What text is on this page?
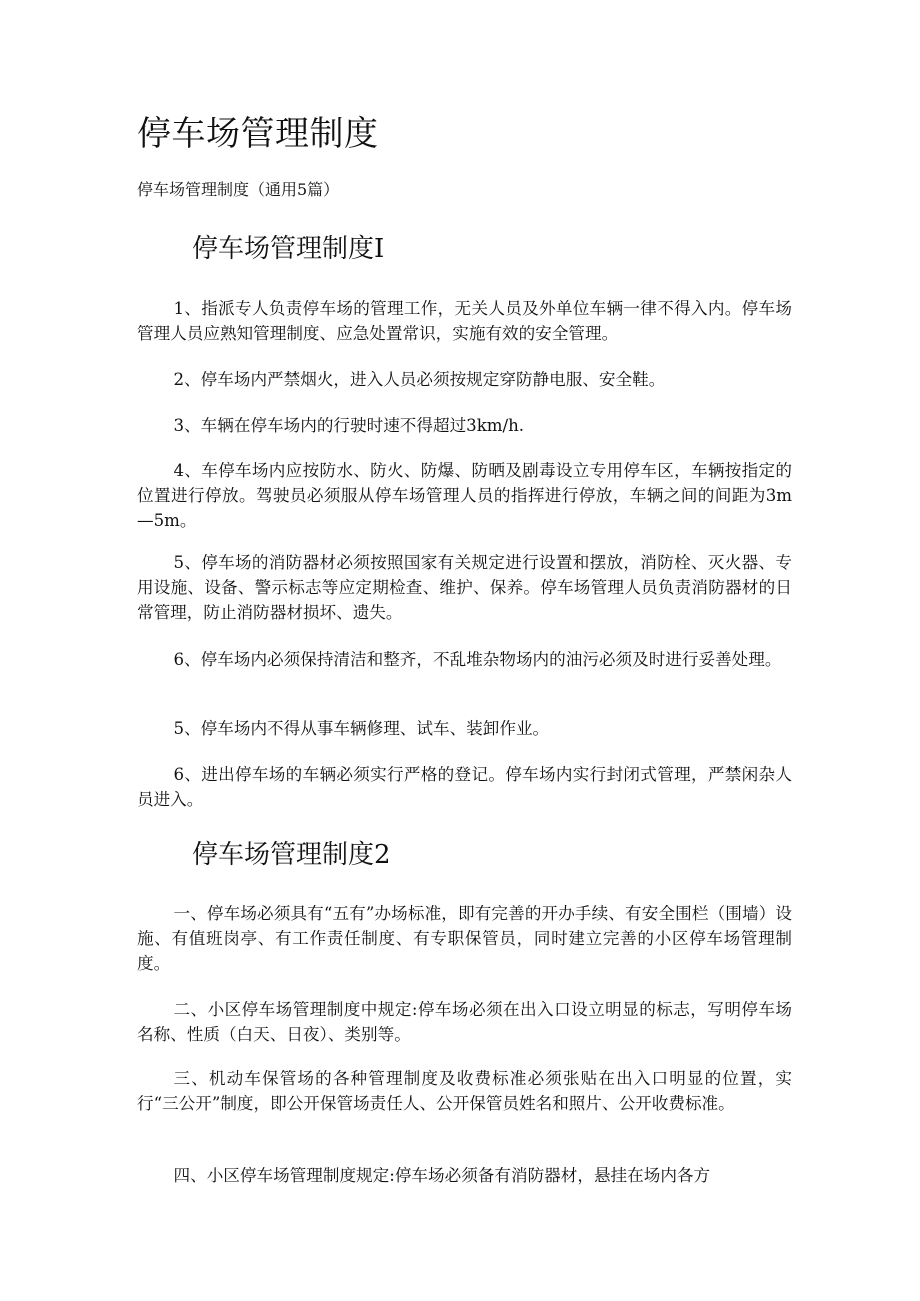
停车场管理制度

停车场管理制度（通用5篇）

停车场管理制度I

1、指派专人负责停车场的管理工作，无关人员及外单位车辆一律不得入内。停车场管理人员应熟知管理制度、应急处置常识，实施有效的安全管理。

2、停车场内严禁烟火，进入人员必须按规定穿防静电服、安全鞋。

3、车辆在停车场内的行驶时速不得超过3km∕h.

4、车停车场内应按防水、防火、防爆、防晒及剧毒设立专用停车区，车辆按指定的位置进行停放。驾驶员必须服从停车场管理人员的指挥进行停放，车辆之间的间距为3m—5m。

5、停车场的消防器材必须按照国家有关规定进行设置和摆放，消防栓、灭火器、专用设施、设备、警示标志等应定期检查、维护、保养。停车场管理人员负责消防器材的日常管理，防止消防器材损坏、遗失。

6、停车场内必须保持清洁和整齐，不乱堆杂物场内的油污必须及时进行妥善处理。

5、停车场内不得从事车辆修理、试车、装卸作业。

6、进出停车场的车辆必须实行严格的登记。停车场内实行封闭式管理，严禁闲杂人员进入。

停车场管理制度2

一、停车场必须具有“五有”办场标准，即有完善的开办手续、有安全围栏（围墙）设施、有值班岗亭、有工作责任制度、有专职保管员，同时建立完善的小区停车场管理制度。

二、小区停车场管理制度中规定:停车场必须在出入口设立明显的标志，写明停车场名称、性质（白天、日夜）、类别等。

三、机动车保管场的各种管理制度及收费标准必须张贴在出入口明显的位置，实行“三公开”制度，即公开保管场责任人、公开保管员姓名和照片、公开收费标准。

四、小区停车场管理制度规定:停车场必须备有消防器材，悬挂在场内各方
